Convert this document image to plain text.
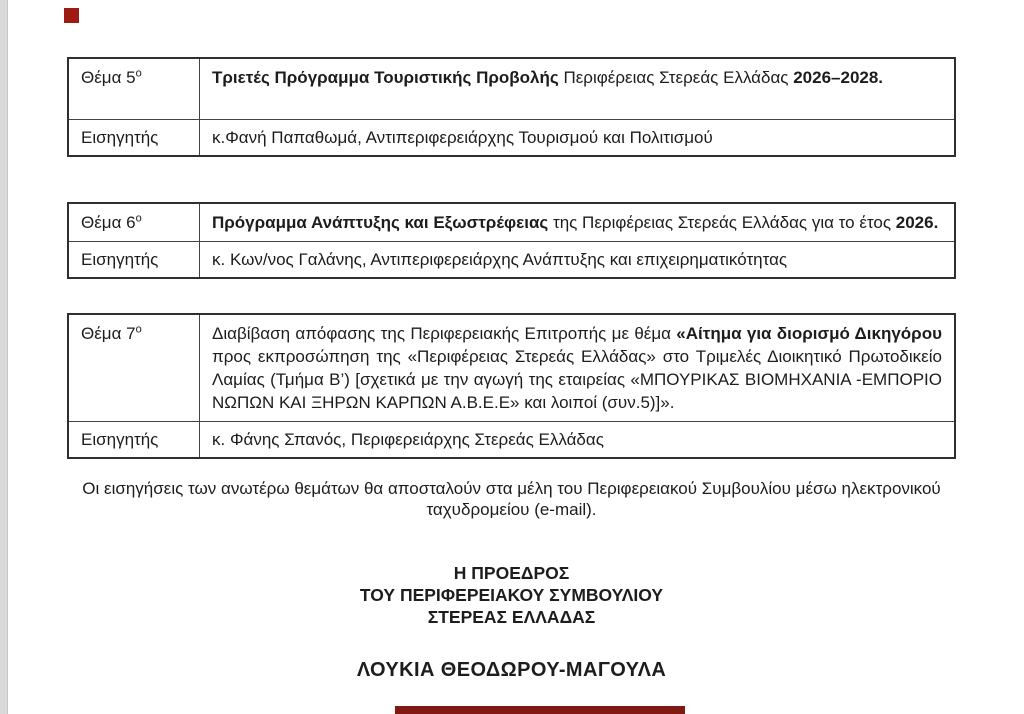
Θέμα $5^o$	Τριετές Πρόγραμμα Τουριστικής Προβολής Περιφέρειας Στερεάς Ελλάδας 2026–2028.
Εισηγητής	κ.Φανή Παπαθωμά, Αντιπεριφερειάρχης Τουρισμού και Πολιτισμού
Θέμα $6^o$	Πρόγραμμα Ανάπτυξης και Εξωστρέφειας της Περιφέρειας Στερεάς Ελλάδας για το έτος 2026.
Εισηγητής	κ. Κων/νος Γαλάνης, Αντιπεριφερειάρχης Ανάπτυξης και επιχειρηματικότητας
Θέμα $7^o$	Διαβίβαση απόφασης της Περιφερειακής Επιτροπής με θέμα «Αίτημα για διορισμό Δικηγόρου προς εκπροσώπηση της «Περιφέρειας Στερεάς Ελλάδας» στο Τριμελές Διοικητικό Πρωτοδικείο Λαμίας (Τμήμα Β’) [σχετικά με την αγωγή της εταιρείας «ΜΠΟΥΡΙΚΑΣ ΒΙΟΜΗΧΑΝΙΑ -ΕΜΠΟΡΙΟ ΝΩΠΩΝ ΚΑΙ ΞΗΡΩΝ ΚΑΡΠΩΝ Α.Β.Ε.Ε» και λοιποί (συν.5)]».
Εισηγητής	κ. Φάνης Σπανός, Περιφερειάρχης Στερεάς Ελλάδας

Οι εισηγήσεις των ανωτέρω θεμάτων θα αποσταλούν στα μέλη του Περιφερειακού Συμβουλίου μέσω ηλεκτρονικού ταχυδρομείου (e-mail).

Η ΠΡΟΕΔΡΟΣ
ΤΟΥ ΠΕΡΙΦΕΡΕΙΑΚΟΥ ΣΥΜΒΟΥΛΙΟΥ
ΣΤΕΡΕΑΣ ΕΛΛΑΔΑΣ
ΛΟΥΚΙΑ ΘΕΟΔΩΡΟΥ-ΜΑΓΟΥΛΑ
